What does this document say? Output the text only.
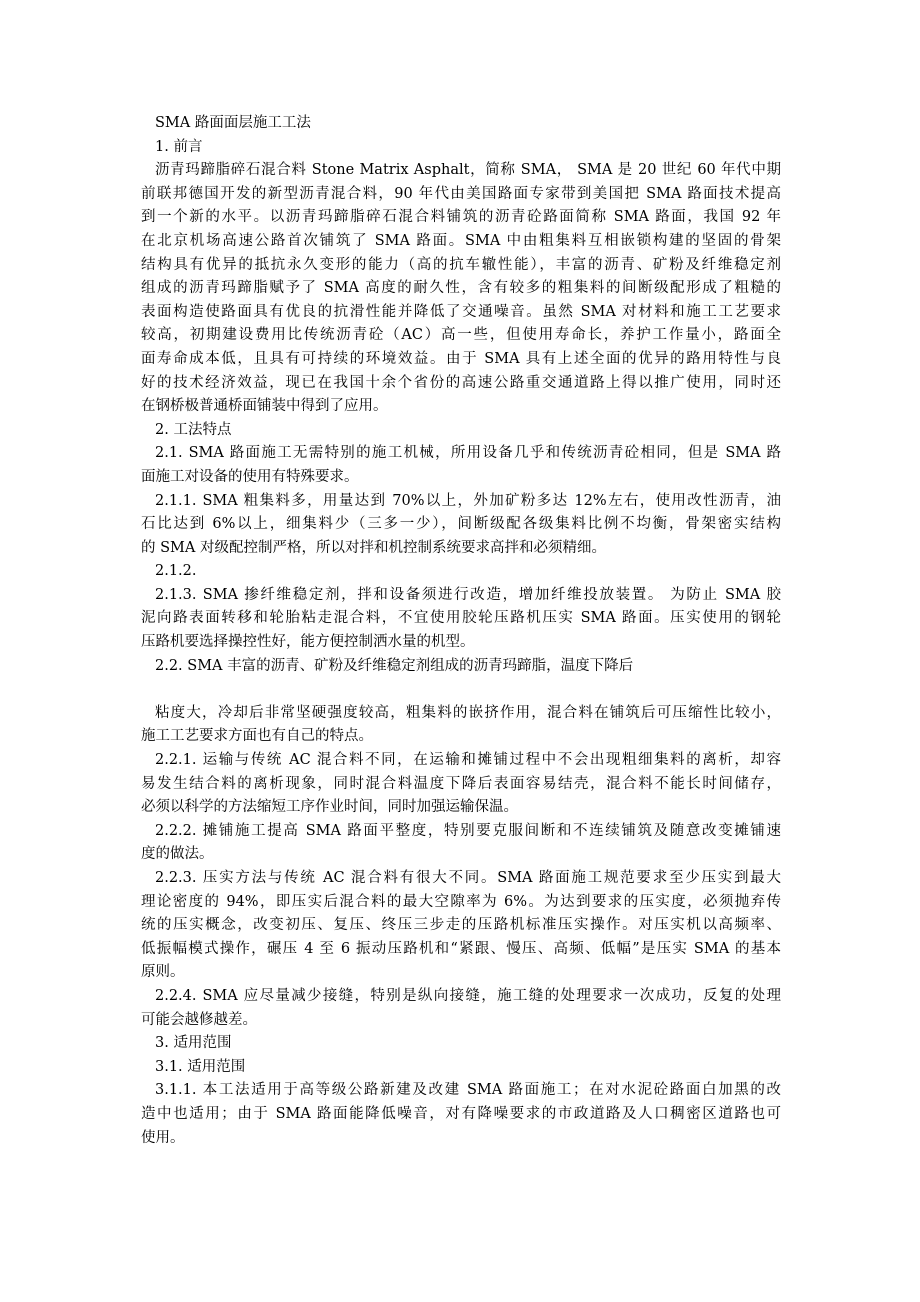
SMA 路面面层施工工法
1. 前言
沥青玛蹄脂碎石混合料 Stone Matrix Asphalt，简称 SMA， SMA 是 20 世纪 60 年代中期
前联邦德国开发的新型沥青混合料，90 年代由美国路面专家带到美国把 SMA 路面技术提高
到一个新的水平。以沥青玛蹄脂碎石混合料铺筑的沥青砼路面简称 SMA 路面，我国 92 年
在北京机场高速公路首次铺筑了 SMA 路面。SMA 中由粗集料互相嵌锁构建的坚固的骨架
结构具有优异的抵抗永久变形的能力（高的抗车辙性能），丰富的沥青、矿粉及纤维稳定剂
组成的沥青玛蹄脂赋予了 SMA 高度的耐久性，含有较多的粗集料的间断级配形成了粗糙的
表面构造使路面具有优良的抗滑性能并降低了交通噪音。虽然 SMA 对材料和施工工艺要求
较高，初期建设费用比传统沥青砼（AC）高一些，但使用寿命长，养护工作量小，路面全
面寿命成本低，且具有可持续的环境效益。由于 SMA 具有上述全面的优异的路用特性与良
好的技术经济效益，现已在我国十余个省份的高速公路重交通道路上得以推广使用，同时还
在钢桥极普通桥面铺装中得到了应用。
2. 工法特点
2.1. SMA 路面施工无需特别的施工机械，所用设备几乎和传统沥青砼相同，但是 SMA 路
面施工对设备的使用有特殊要求。
2.1.1. SMA 粗集料多，用量达到 70%以上，外加矿粉多达 12%左右，使用改性沥青，油
石比达到 6%以上，细集料少（三多一少），间断级配各级集料比例不均衡，骨架密实结构
的 SMA 对级配控制严格，所以对拌和机控制系统要求高拌和必须精细。
2.1.2.
2.1.3. SMA 掺纤维稳定剂，拌和设备须进行改造，增加纤维投放装置。 为防止 SMA 胶
泥向路表面转移和轮胎粘走混合料，不宜使用胶轮压路机压实 SMA 路面。压实使用的钢轮
压路机要选择操控性好，能方便控制洒水量的机型。
2.2. SMA 丰富的沥青、矿粉及纤维稳定剂组成的沥青玛蹄脂，温度下降后
粘度大，冷却后非常坚硬强度较高，粗集料的嵌挤作用，混合料在铺筑后可压缩性比较小，
施工工艺要求方面也有自己的特点。
2.2.1. 运输与传统 AC 混合料不同，在运输和摊铺过程中不会出现粗细集料的离析，却容
易发生结合料的离析现象，同时混合料温度下降后表面容易结壳，混合料不能长时间储存，
必须以科学的方法缩短工序作业时间，同时加强运输保温。
2.2.2. 摊铺施工提高 SMA 路面平整度，特别要克服间断和不连续铺筑及随意改变摊铺速
度的做法。
2.2.3. 压实方法与传统 AC 混合料有很大不同。SMA 路面施工规范要求至少压实到最大
理论密度的 94%，即压实后混合料的最大空隙率为 6%。为达到要求的压实度，必须抛弃传
统的压实概念，改变初压、复压、终压三步走的压路机标准压实操作。对压实机以高频率、
低振幅模式操作，碾压 4 至 6 振动压路机和“紧跟、慢压、高频、低幅”是压实 SMA 的基本
原则。
2.2.4. SMA 应尽量减少接缝，特别是纵向接缝，施工缝的处理要求一次成功，反复的处理
可能会越修越差。
3. 适用范围
3.1. 适用范围
3.1.1. 本工法适用于高等级公路新建及改建 SMA 路面施工；在对水泥砼路面白加黑的改
造中也适用；由于 SMA 路面能降低噪音，对有降噪要求的市政道路及人口稠密区道路也可
使用。
